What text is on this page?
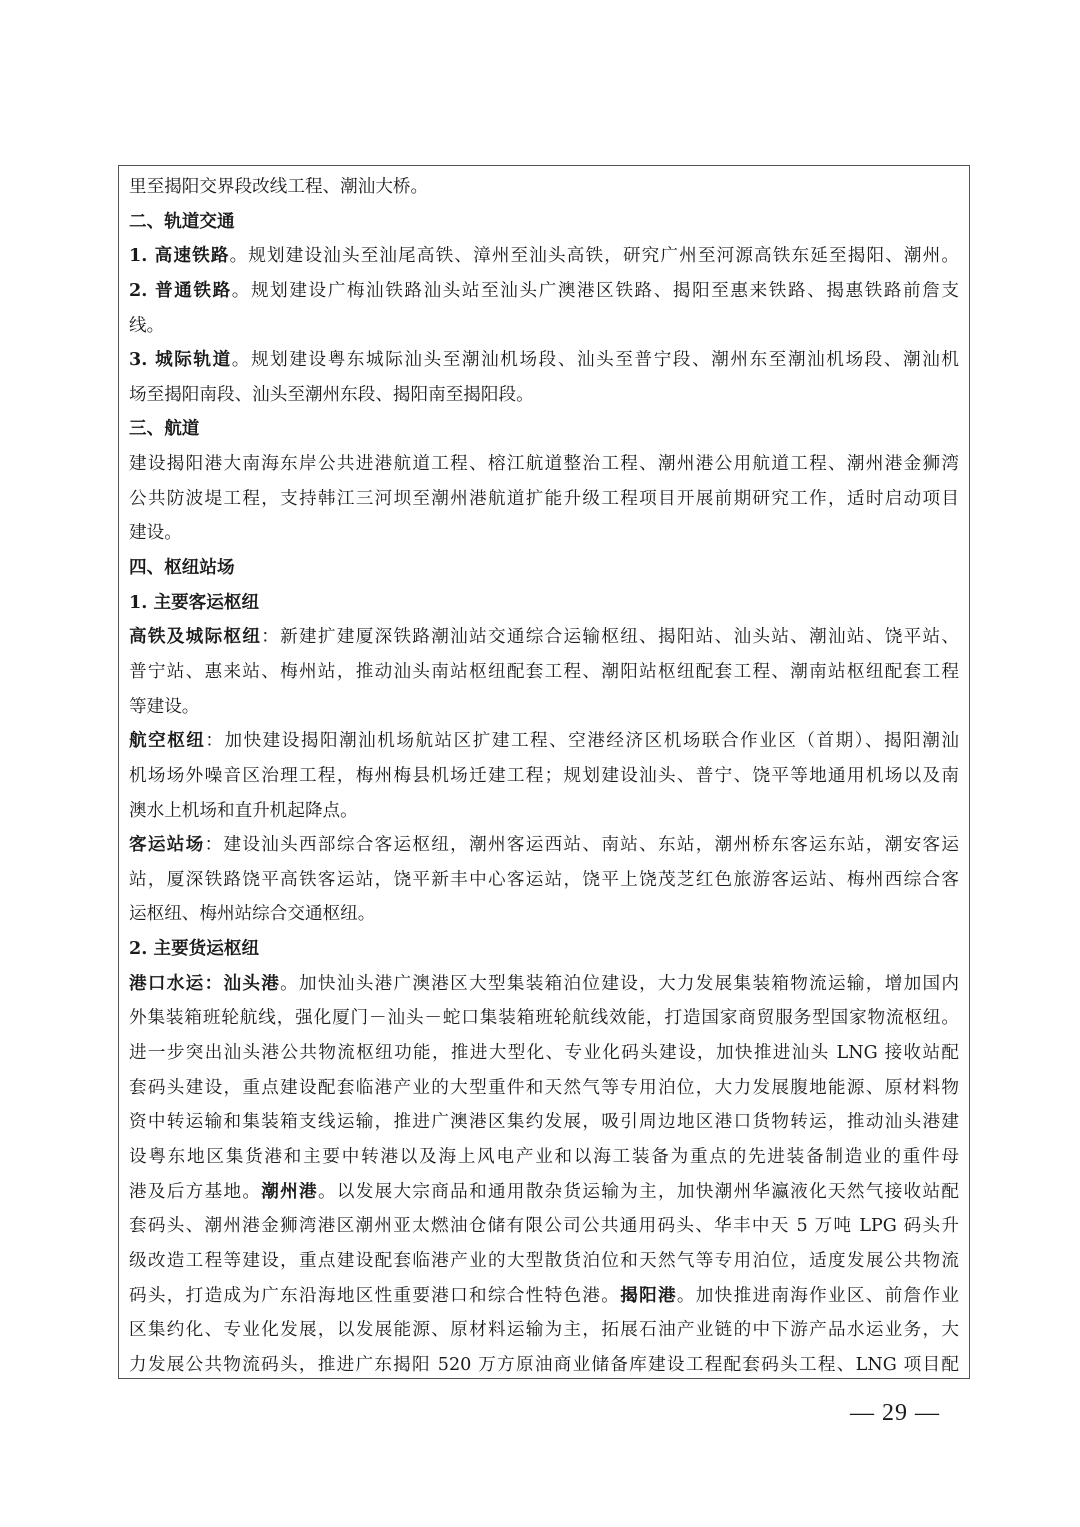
里至揭阳交界段改线工程、潮汕大桥。
二、轨道交通
1. 高速铁路。规划建设汕头至汕尾高铁、漳州至汕头高铁，研究广州至河源高铁东延至揭阳、潮州。
2. 普通铁路。规划建设广梅汕铁路汕头站至汕头广澳港区铁路、揭阳至惠来铁路、揭惠铁路前詹支
线。
3. 城际轨道。规划建设粤东城际汕头至潮汕机场段、汕头至普宁段、潮州东至潮汕机场段、潮汕机
场至揭阳南段、汕头至潮州东段、揭阳南至揭阳段。
三、航道
建设揭阳港大南海东岸公共进港航道工程、榕江航道整治工程、潮州港公用航道工程、潮州港金狮湾
公共防波堤工程，支持韩江三河坝至潮州港航道扩能升级工程项目开展前期研究工作，适时启动项目
建设。
四、枢纽站场
1. 主要客运枢纽
高铁及城际枢纽：新建扩建厦深铁路潮汕站交通综合运输枢纽、揭阳站、汕头站、潮汕站、饶平站、
普宁站、惠来站、梅州站，推动汕头南站枢纽配套工程、潮阳站枢纽配套工程、潮南站枢纽配套工程
等建设。
航空枢纽：加快建设揭阳潮汕机场航站区扩建工程、空港经济区机场联合作业区（首期）、揭阳潮汕
机场场外噪音区治理工程，梅州梅县机场迁建工程；规划建设汕头、普宁、饶平等地通用机场以及南
澳水上机场和直升机起降点。
客运站场：建设汕头西部综合客运枢纽，潮州客运西站、南站、东站，潮州桥东客运东站，潮安客运
站，厦深铁路饶平高铁客运站，饶平新丰中心客运站，饶平上饶茂芝红色旅游客运站、梅州西综合客
运枢纽、梅州站综合交通枢纽。
2. 主要货运枢纽
港口水运：汕头港。加快汕头港广澳港区大型集装箱泊位建设，大力发展集装箱物流运输，增加国内
外集装箱班轮航线，强化厦门－汕头－蛇口集装箱班轮航线效能，打造国家商贸服务型国家物流枢纽。
进一步突出汕头港公共物流枢纽功能，推进大型化、专业化码头建设，加快推进汕头 LNG 接收站配
套码头建设，重点建设配套临港产业的大型重件和天然气等专用泊位，大力发展腹地能源、原材料物
资中转运输和集装箱支线运输，推进广澳港区集约发展，吸引周边地区港口货物转运，推动汕头港建
设粤东地区集货港和主要中转港以及海上风电产业和以海工装备为重点的先进装备制造业的重件母
港及后方基地。潮州港。以发展大宗商品和通用散杂货运输为主，加快潮州华瀛液化天然气接收站配
套码头、潮州港金狮湾港区潮州亚太燃油仓储有限公司公共通用码头、华丰中天 5 万吨 LPG 码头升
级改造工程等建设，重点建设配套临港产业的大型散货泊位和天然气等专用泊位，适度发展公共物流
码头，打造成为广东沿海地区性重要港口和综合性特色港。揭阳港。加快推进南海作业区、前詹作业
区集约化、专业化发展，以发展能源、原材料运输为主，拓展石油产业链的中下游产品水运业务，大
力发展公共物流码头，推进广东揭阳 520 万方原油商业储备库建设工程配套码头工程、LNG 项目配
— 29 —
